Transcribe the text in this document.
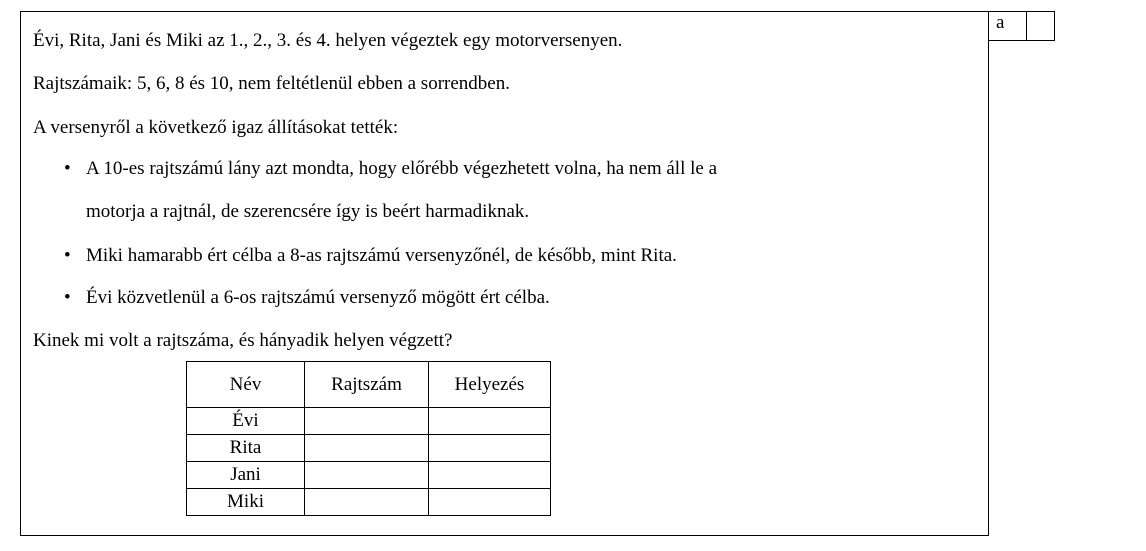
Évi, Rita, Jani és Miki az 1., 2., 3. és 4. helyen végeztek egy motorversenyen.
Rajtszámaik: 5, 6, 8 és 10, nem feltétlenül ebben a sorrendben.
A versenyről a következő igaz állításokat tették:
• A 10-es rajtszámú lány azt mondta, hogy előrébb végezhetett volna, ha nem áll le a
motorja a rajtnál, de szerencsére így is beért harmadiknak.
• Miki hamarabb ért célba a 8-as rajtszámú versenyzőnél, de később, mint Rita.
• Évi közvetlenül a 6-os rajtszámú versenyző mögött ért célba.
Kinek mi volt a rajtszáma, és hányadik helyen végzett?
a
Név	Rajtszám	Helyezés
Évi		
Rita		
Jani		
Miki		
